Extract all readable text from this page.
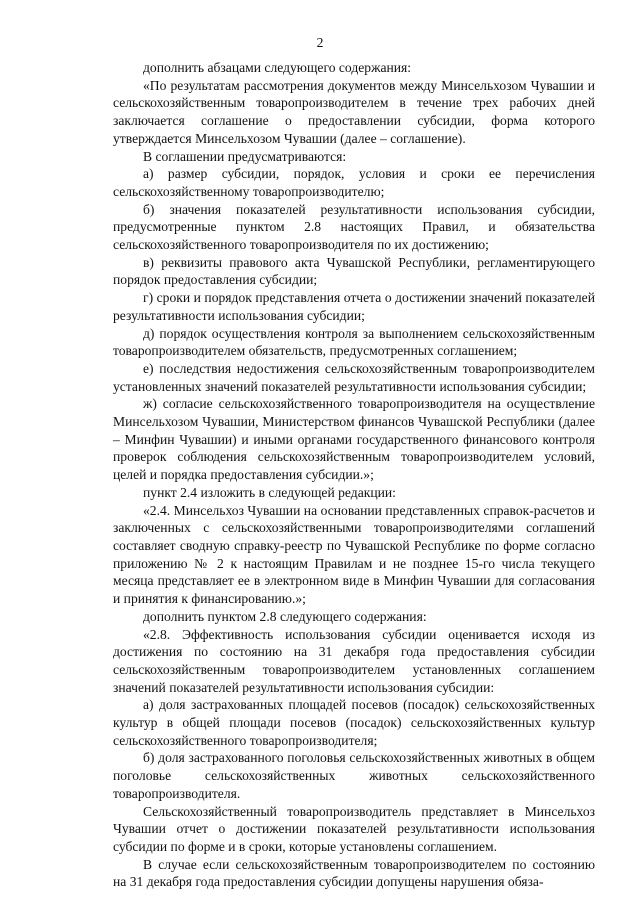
2

дополнить абзацами следующего содержания:

«По результатам рассмотрения документов между Минсельхозом Чувашии и сельскохозяйственным товаропроизводителем в течение трех рабочих дней заключается соглашение о предоставлении субсидии, форма которого утверждается Минсельхозом Чувашии (далее – соглашение).

В соглашении предусматриваются:

а) размер субсидии, порядок, условия и сроки ее перечисления сельскохозяйственному товаропроизводителю;

б) значения показателей результативности использования субсидии, предусмотренные пунктом 2.8 настоящих Правил, и обязательства сельскохозяйственного товаропроизводителя по их достижению;

в) реквизиты правового акта Чувашской Республики, регламентирующего порядок предоставления субсидии;

г) сроки и порядок представления отчета о достижении значений показателей результативности использования субсидии;

д) порядок осуществления контроля за выполнением сельскохозяйственным товаропроизводителем обязательств, предусмотренных соглашением;

е) последствия недостижения сельскохозяйственным товаропроизводителем установленных значений показателей результативности использования субсидии;

ж) согласие сельскохозяйственного товаропроизводителя на осуществление Минсельхозом Чувашии, Министерством финансов Чувашской Республики (далее – Минфин Чувашии) и иными органами государственного финансового контроля проверок соблюдения сельскохозяйственным товаропроизводителем условий, целей и порядка предоставления субсидии.»;

пункт 2.4 изложить в следующей редакции:

«2.4. Минсельхоз Чувашии на основании представленных справок-расчетов и заключенных с сельскохозяйственными товаропроизводителями соглашений составляет сводную справку-реестр по Чувашской Республике по форме согласно приложению № 2 к настоящим Правилам и не позднее 15-го числа текущего месяца представляет ее в электронном виде в Минфин Чувашии для согласования и принятия к финансированию.»;

дополнить пунктом 2.8 следующего содержания:

«2.8. Эффективность использования субсидии оценивается исходя из достижения по состоянию на 31 декабря года предоставления субсидии сельскохозяйственным товаропроизводителем установленных соглашением значений показателей результативности использования субсидии:

а) доля застрахованных площадей посевов (посадок) сельскохозяйственных культур в общей площади посевов (посадок) сельскохозяйственных культур сельскохозяйственного товаропроизводителя;

б) доля застрахованного поголовья сельскохозяйственных животных в общем поголовье сельскохозяйственных животных сельскохозяйственного товаропроизводителя.

Сельскохозяйственный товаропроизводитель представляет в Минсельхоз Чувашии отчет о достижении показателей результативности использования субсидии по форме и в сроки, которые установлены соглашением.

В случае если сельскохозяйственным товаропроизводителем по состоянию на 31 декабря года предоставления субсидии допущены нарушения обяза-
